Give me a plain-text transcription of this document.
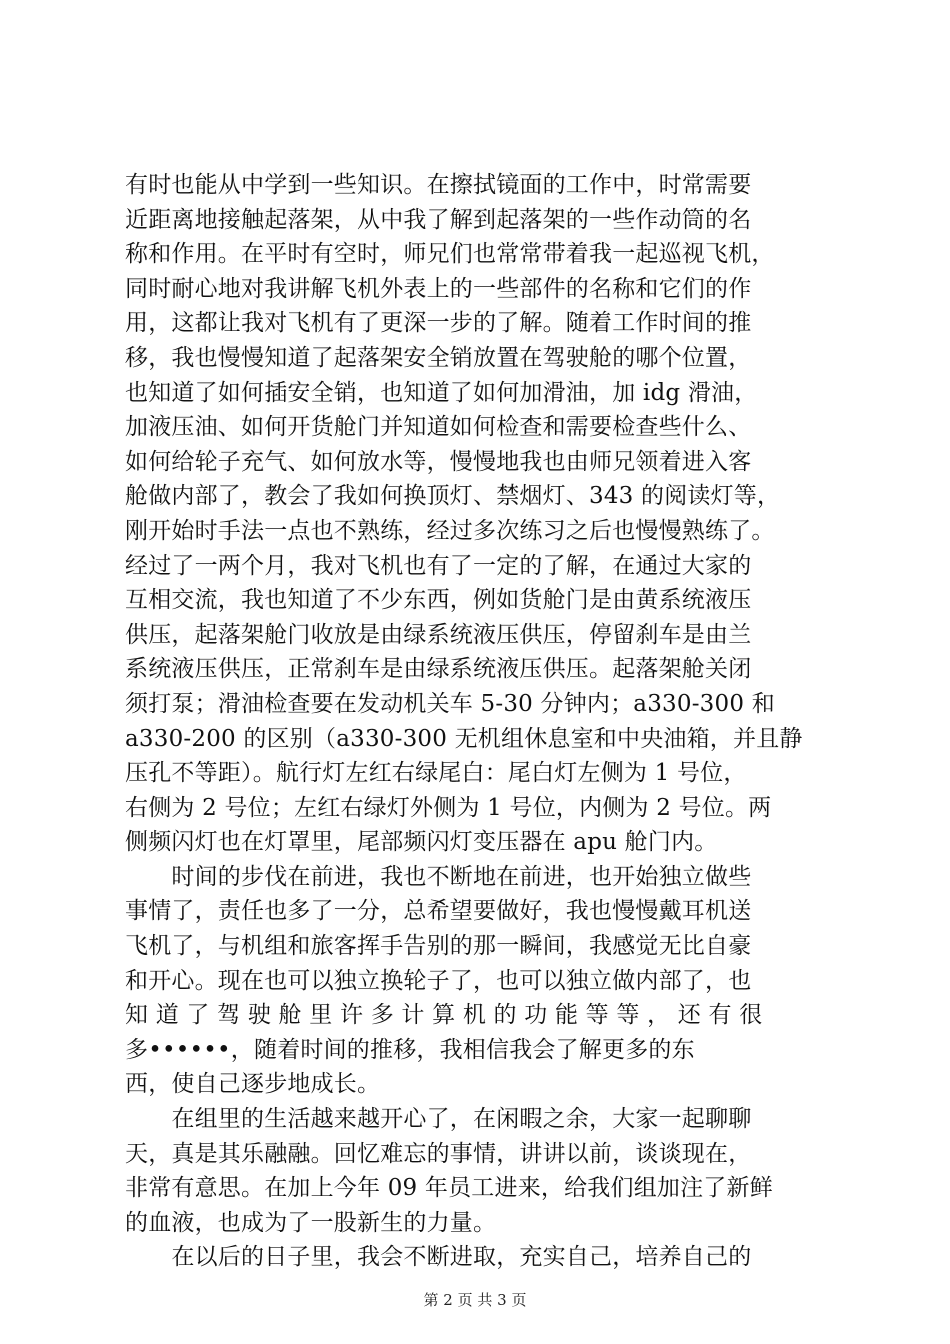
有时也能从中学到一些知识。在擦拭镜面的工作中，时常需要
近距离地接触起落架，从中我了解到起落架的一些作动筒的名
称和作用。在平时有空时，师兄们也常常带着我一起巡视飞机，
同时耐心地对我讲解飞机外表上的一些部件的名称和它们的作
用，这都让我对飞机有了更深一步的了解。随着工作时间的推
移，我也慢慢知道了起落架安全销放置在驾驶舱的哪个位置，
也知道了如何插安全销，也知道了如何加滑油，加 idg 滑油，
加液压油、如何开货舱门并知道如何检查和需要检查些什么、
如何给轮子充气、如何放水等，慢慢地我也由师兄领着进入客
舱做内部了，教会了我如何换顶灯、禁烟灯、343 的阅读灯等，
刚开始时手法一点也不熟练，经过多次练习之后也慢慢熟练了。
经过了一两个月，我对飞机也有了一定的了解，在通过大家的
互相交流，我也知道了不少东西，例如货舱门是由黄系统液压
供压，起落架舱门收放是由绿系统液压供压，停留刹车是由兰
系统液压供压，正常刹车是由绿系统液压供压。起落架舱关闭
须打泵；滑油检查要在发动机关车 5-30 分钟内；a330-300 和
a330-200 的区别（a330-300 无机组休息室和中央油箱，并且静
压孔不等距）。航行灯左红右绿尾白：尾白灯左侧为 1 号位，
右侧为 2 号位；左红右绿灯外侧为 1 号位，内侧为 2 号位。两
侧频闪灯也在灯罩里，尾部频闪灯变压器在 apu 舱门内。
　　时间的步伐在前进，我也不断地在前进，也开始独立做些
事情了，责任也多了一分，总希望要做好，我也慢慢戴耳机送
飞机了，与机组和旅客挥手告别的那一瞬间，我感觉无比自豪
和开心。现在也可以独立换轮子了，也可以独立做内部了，也
知 道 了 驾 驶 舱 里 许 多 计 算 机 的 功 能 等 等 ， 还 有 很
多••••••，随着时间的推移，我相信我会了解更多的东
西，使自己逐步地成长。
　　在组里的生活越来越开心了，在闲暇之余，大家一起聊聊
天，真是其乐融融。回忆难忘的事情，讲讲以前，谈谈现在，
非常有意思。在加上今年 09 年员工进来，给我们组加注了新鲜
的血液，也成为了一股新生的力量。
　　在以后的日子里，我会不断进取，充实自己，培养自己的
第 2 页 共 3 页
